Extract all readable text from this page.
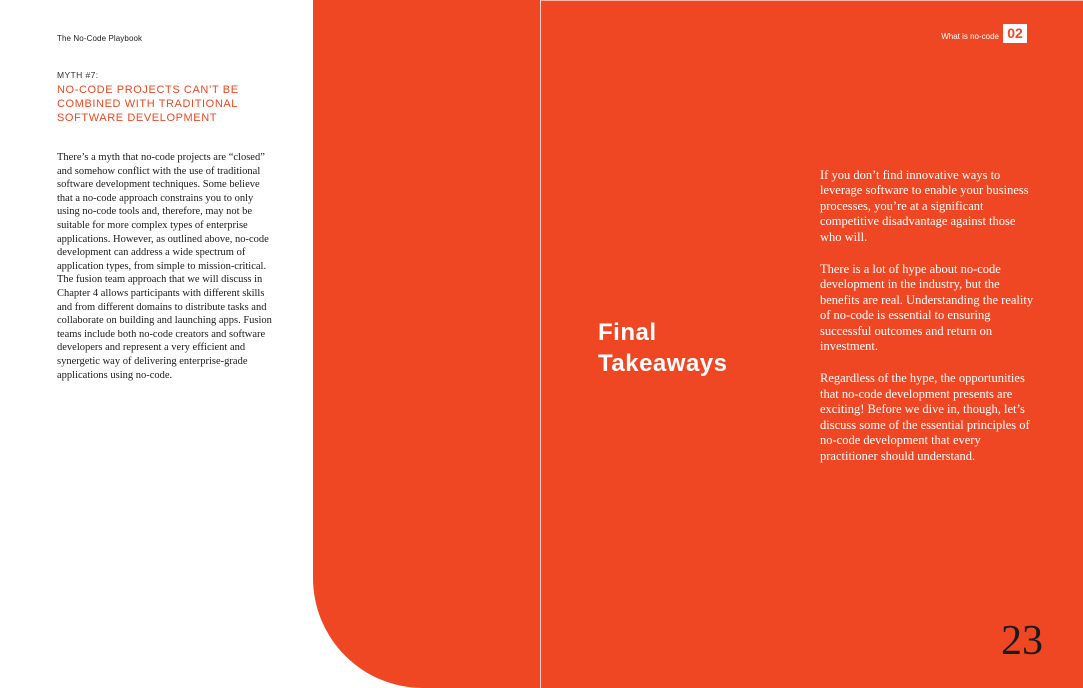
The No-Code Playbook
MYTH #7:
NO-CODE PROJECTS CAN’T BE COMBINED WITH TRADITIONAL SOFTWARE DEVELOPMENT

There’s a myth that no-code projects are “closed” and somehow conflict with the use of traditional software development techniques. Some believe that a no-code approach constrains you to only using no-code tools and, therefore, may not be suitable for more complex types of enterprise applications. However, as outlined above, no-code development can address a wide spectrum of application types, from simple to mission-critical. The fusion team approach that we will discuss in Chapter 4 allows participants with different skills and from different domains to distribute tasks and collaborate on building and launching apps. Fusion teams include both no-code creators and software developers and represent a very efficient and synergetic way of delivering enterprise-grade applications using no-code.

What is no-code 02
Final Takeaways

If you don’t find innovative ways to leverage software to enable your business processes, you’re at a significant competitive disadvantage against those who will.

There is a lot of hype about no-code development in the industry, but the benefits are real. Understanding the reality of no-code is essential to ensuring successful outcomes and return on investment.

Regardless of the hype, the opportunities that no-code development presents are exciting! Before we dive in, though, let’s discuss some of the essential principles of no-code development that every practitioner should understand.

23
